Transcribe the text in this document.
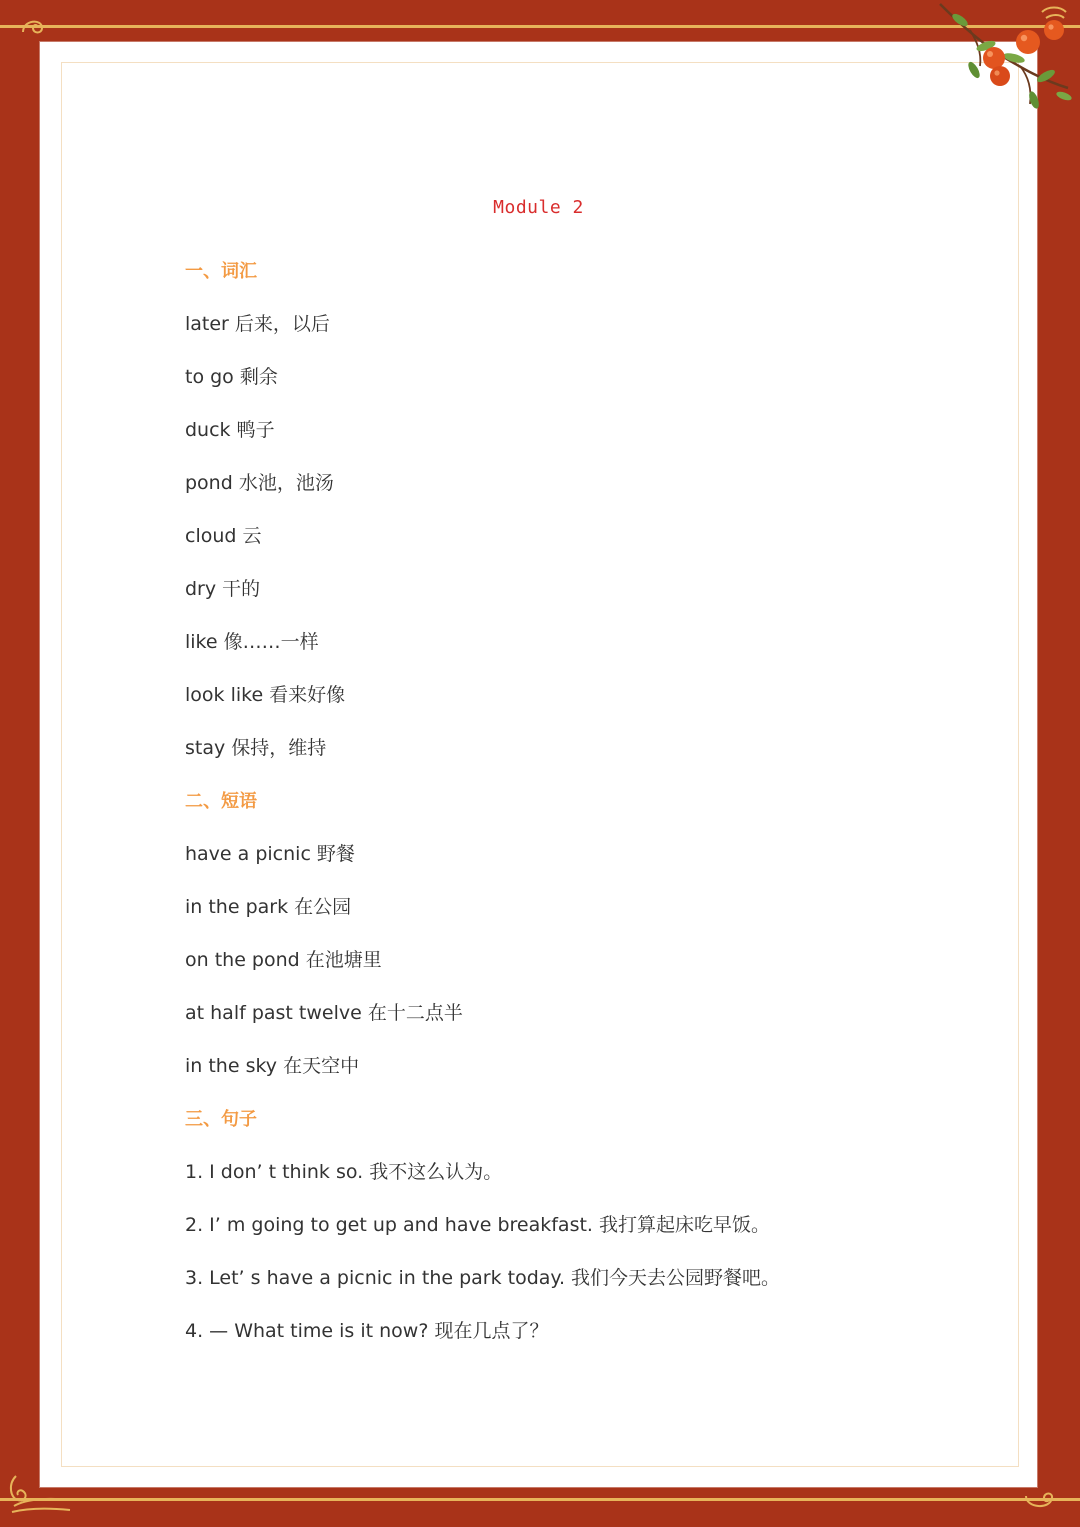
Module 2
一、词汇
later 后来，以后
to go 剩余
duck 鸭子
pond 水池，池汤
cloud 云
dry 干的
like 像……一样
look like 看来好像
stay 保持，维持
二、短语
have a picnic 野餐
in the park 在公园
on the pond 在池塘里
at half past twelve 在十二点半
in the sky 在天空中
三、句子
1. I don’ t think so. 我不这么认为。
2. I’ m going to get up and have breakfast. 我打算起床吃早饭。
3. Let’ s have a picnic in the park today. 我们今天去公园野餐吧。
4. — What time is it now? 现在几点了？
